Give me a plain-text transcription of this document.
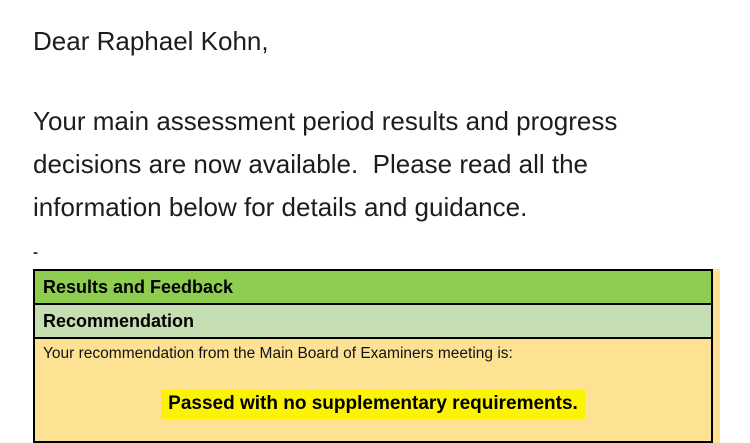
Dear Raphael Kohn,
Your main assessment period results and progress
decisions are now available.  Please read all the
information below for details and guidance.
-
Results and Feedback
Recommendation
Your recommendation from the Main Board of Examiners meeting is:
Passed with no supplementary requirements.
